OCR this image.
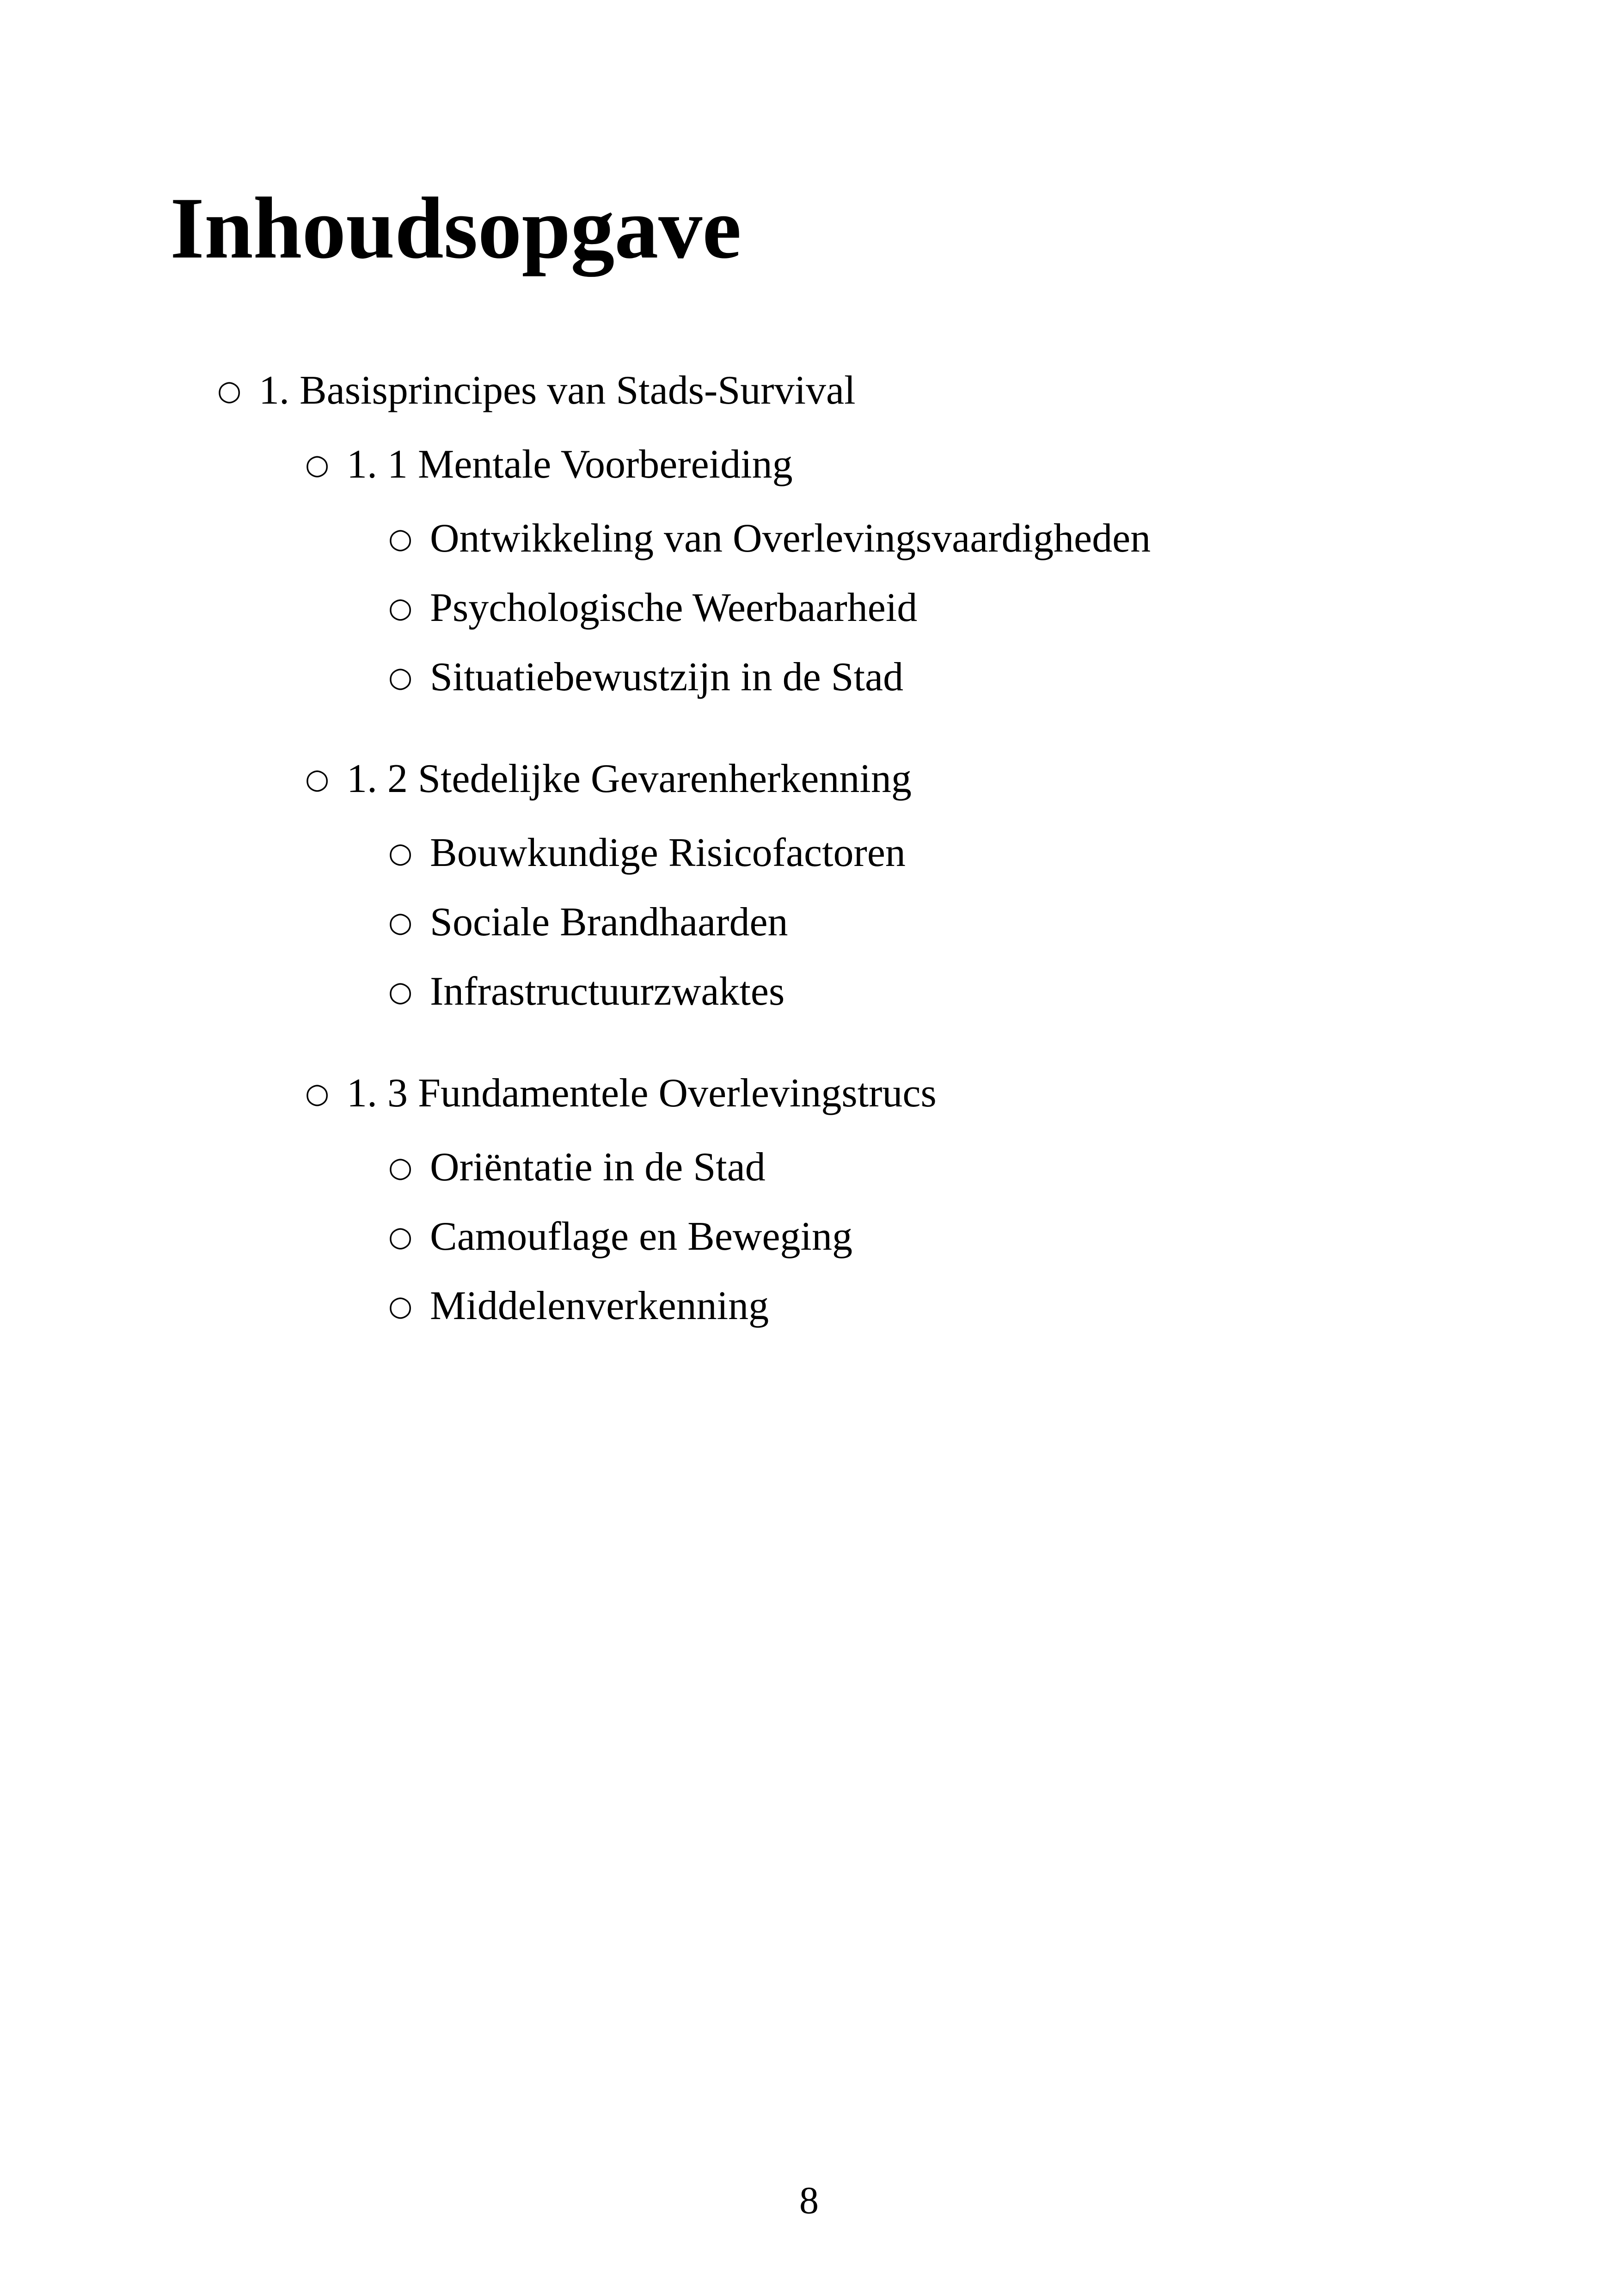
Inhoudsopgave
○ 1. Basisprincipes van Stads-Survival
○ 1. 1 Mentale Voorbereiding
○ Ontwikkeling van Overlevingsvaardigheden
○ Psychologische Weerbaarheid
○ Situatiebewustzijn in de Stad
○ 1. 2 Stedelijke Gevarenherkenning
○ Bouwkundige Risicofactoren
○ Sociale Brandhaarden
○ Infrastructuurzwaktes
○ 1. 3 Fundamentele Overlevingstrucs
○ Oriëntatie in de Stad
○ Camouflage en Beweging
○ Middelenverkenning
8
